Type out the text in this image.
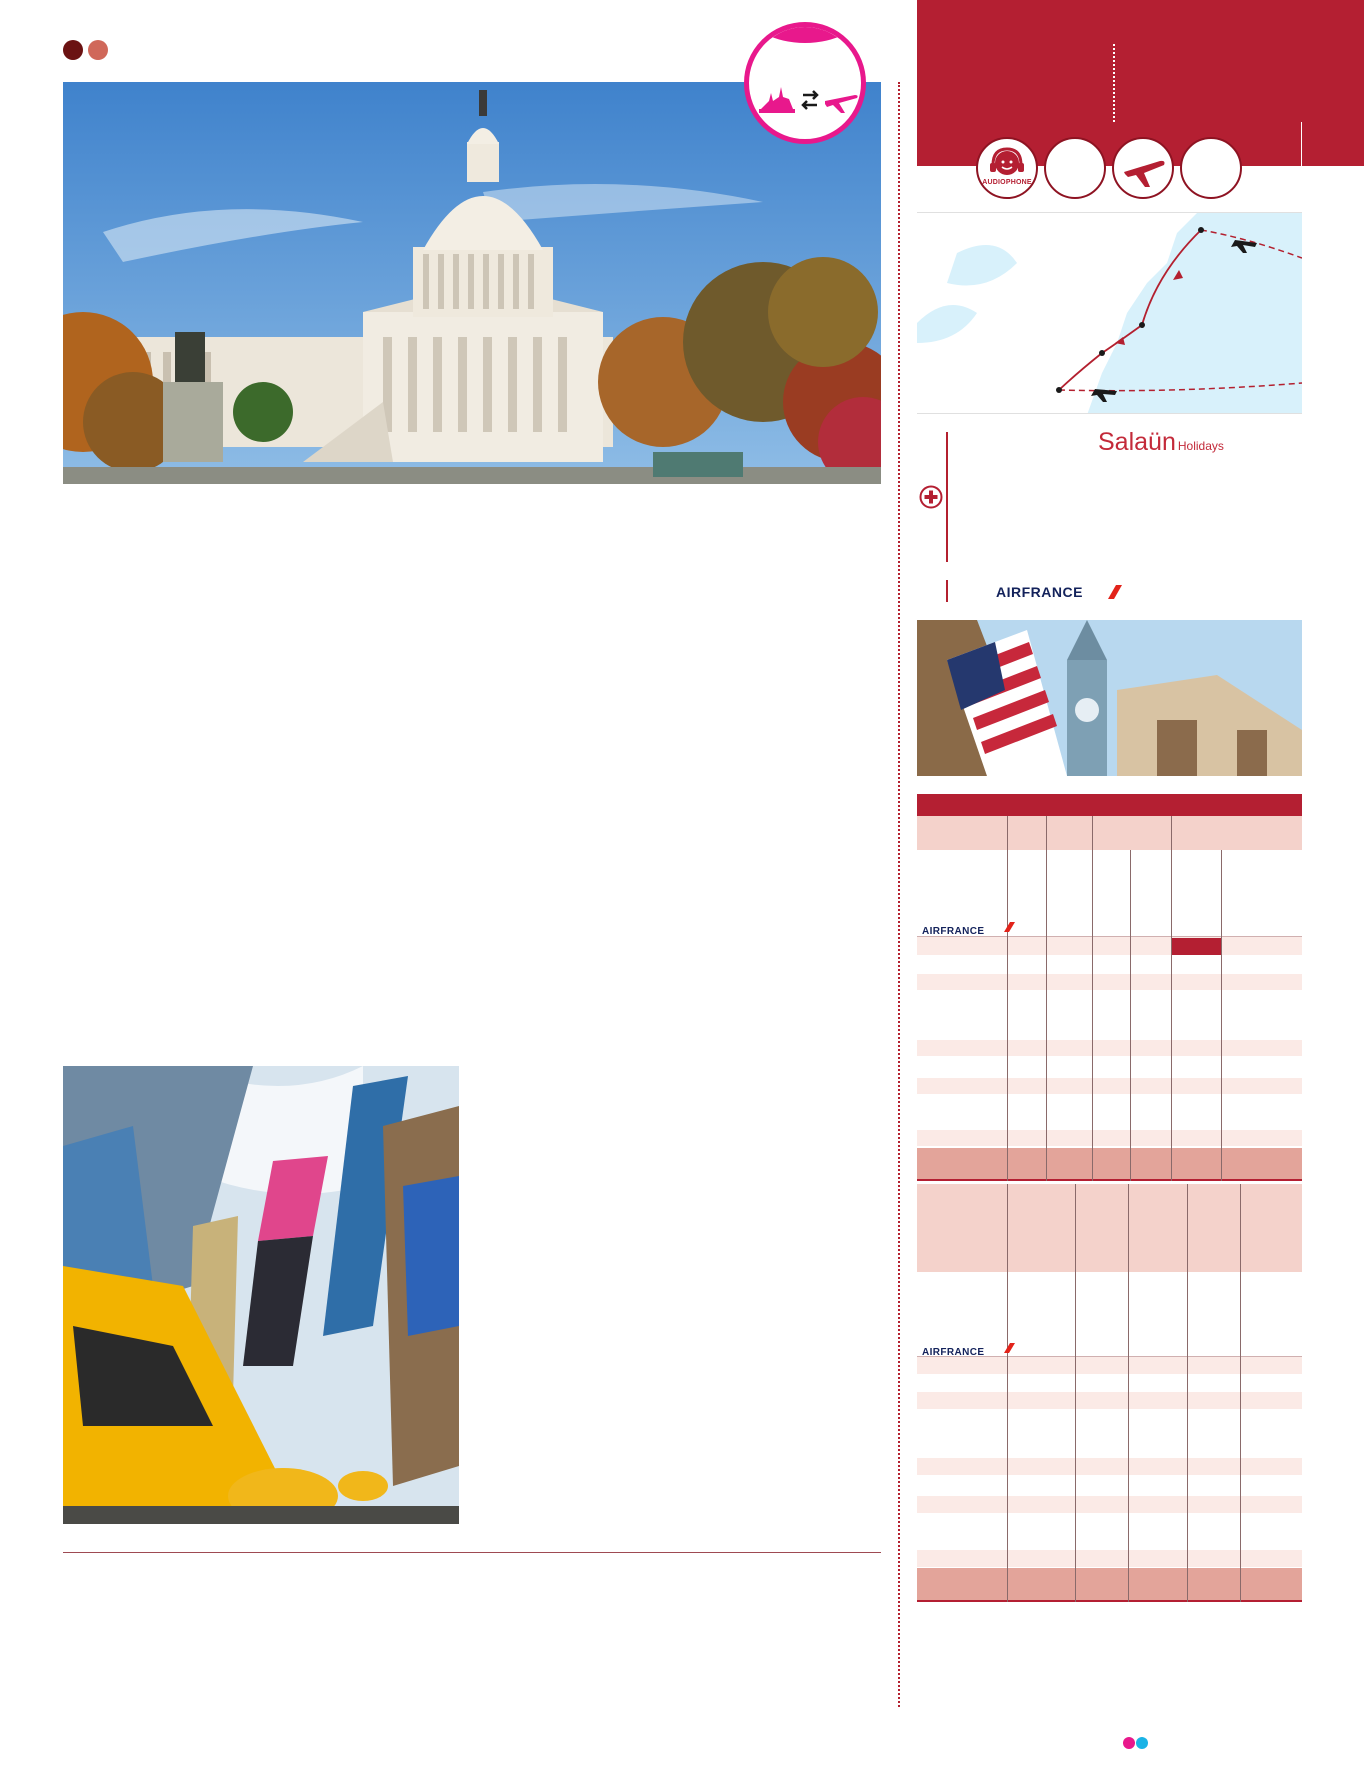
AUDIOPHONE
Salaün Holidays
AIRFRANCE
AIRFRANCE
AIRFRANCE
